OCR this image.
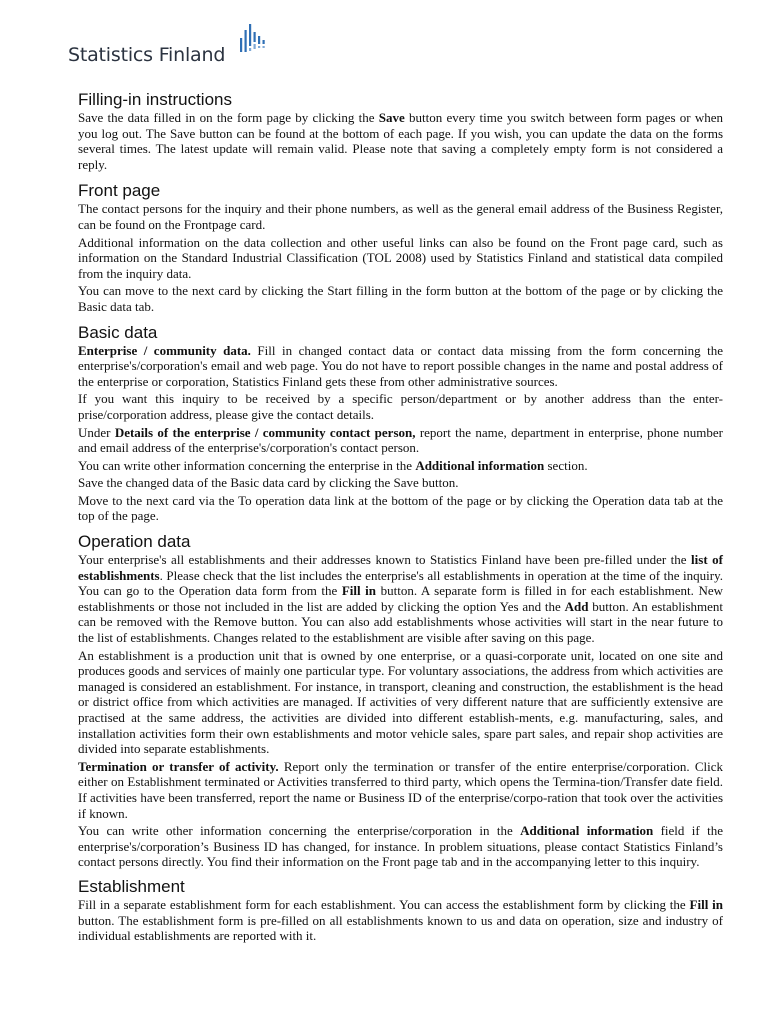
Statistics Finland
Filling-in instructions

Save the data filled in on the form page by clicking the Save button every time you switch between form pages or when you log out. The Save button can be found at the bottom of each page. If you wish, you can update the data on the forms several times. The latest update will remain valid. Please note that saving a completely empty form is not considered a reply.

Front page

The contact persons for the inquiry and their phone numbers, as well as the general email address of the Business Register, can be found on the Frontpage card.

Additional information on the data collection and other useful links can also be found on the Front page card, such as information on the Standard Industrial Classification (TOL 2008) used by Statistics Finland and statistical data compiled from the inquiry data.

You can move to the next card by clicking the Start filling in the form button at the bottom of the page or by clicking the Basic data tab.

Basic data

Enterprise / community data. Fill in changed contact data or contact data missing from the form concerning the enterprise's/corporation's email and web page. You do not have to report possible changes in the name and postal address of the enterprise or corporation, Statistics Finland gets these from other administrative sources.

If you want this inquiry to be received by a specific person/department or by another address than the enter-prise/corporation address, please give the contact details.

Under Details of the enterprise / community contact person, report the name, department in enterprise, phone number and email address of the enterprise's/corporation's contact person.

You can write other information concerning the enterprise in the Additional information section.

Save the changed data of the Basic data card by clicking the Save button.

Move to the next card via the To operation data link at the bottom of the page or by clicking the Operation data tab at the top of the page.

Operation data

Your enterprise's all establishments and their addresses known to Statistics Finland have been pre-filled under the list of establishments. Please check that the list includes the enterprise's all establishments in operation at the time of the inquiry. You can go to the Operation data form from the Fill in button. A separate form is filled in for each establishment. New establishments or those not included in the list are added by clicking the option Yes and the Add button. An establishment can be removed with the Remove button. You can also add establishments whose activities will start in the near future to the list of establishments. Changes related to the establishment are visible after saving on this page.

An establishment is a production unit that is owned by one enterprise, or a quasi-corporate unit, located on one site and produces goods and services of mainly one particular type. For voluntary associations, the address from which activities are managed is considered an establishment. For instance, in transport, cleaning and construction, the establishment is the head or district office from which activities are managed. If activities of very different nature that are sufficiently extensive are practised at the same address, the activities are divided into different establish-ments, e.g. manufacturing, sales, and installation activities form their own establishments and motor vehicle sales, spare part sales, and repair shop activities are divided into separate establishments.

Termination or transfer of activity. Report only the termination or transfer of the entire enterprise/corporation. Click either on Establishment terminated or Activities transferred to third party, which opens the Termina-tion/Transfer date field. If activities have been transferred, report the name or Business ID of the enterprise/corpo-ration that took over the activities if known.

You can write other information concerning the enterprise/corporation in the Additional information field if the enterprise's/corporation’s Business ID has changed, for instance. In problem situations, please contact Statistics Finland’s contact persons directly. You find their information on the Front page tab and in the accompanying letter to this inquiry.

Establishment

Fill in a separate establishment form for each establishment. You can access the establishment form by clicking the Fill in button. The establishment form is pre-filled on all establishments known to us and data on operation, size and industry of individual establishments are reported with it.
